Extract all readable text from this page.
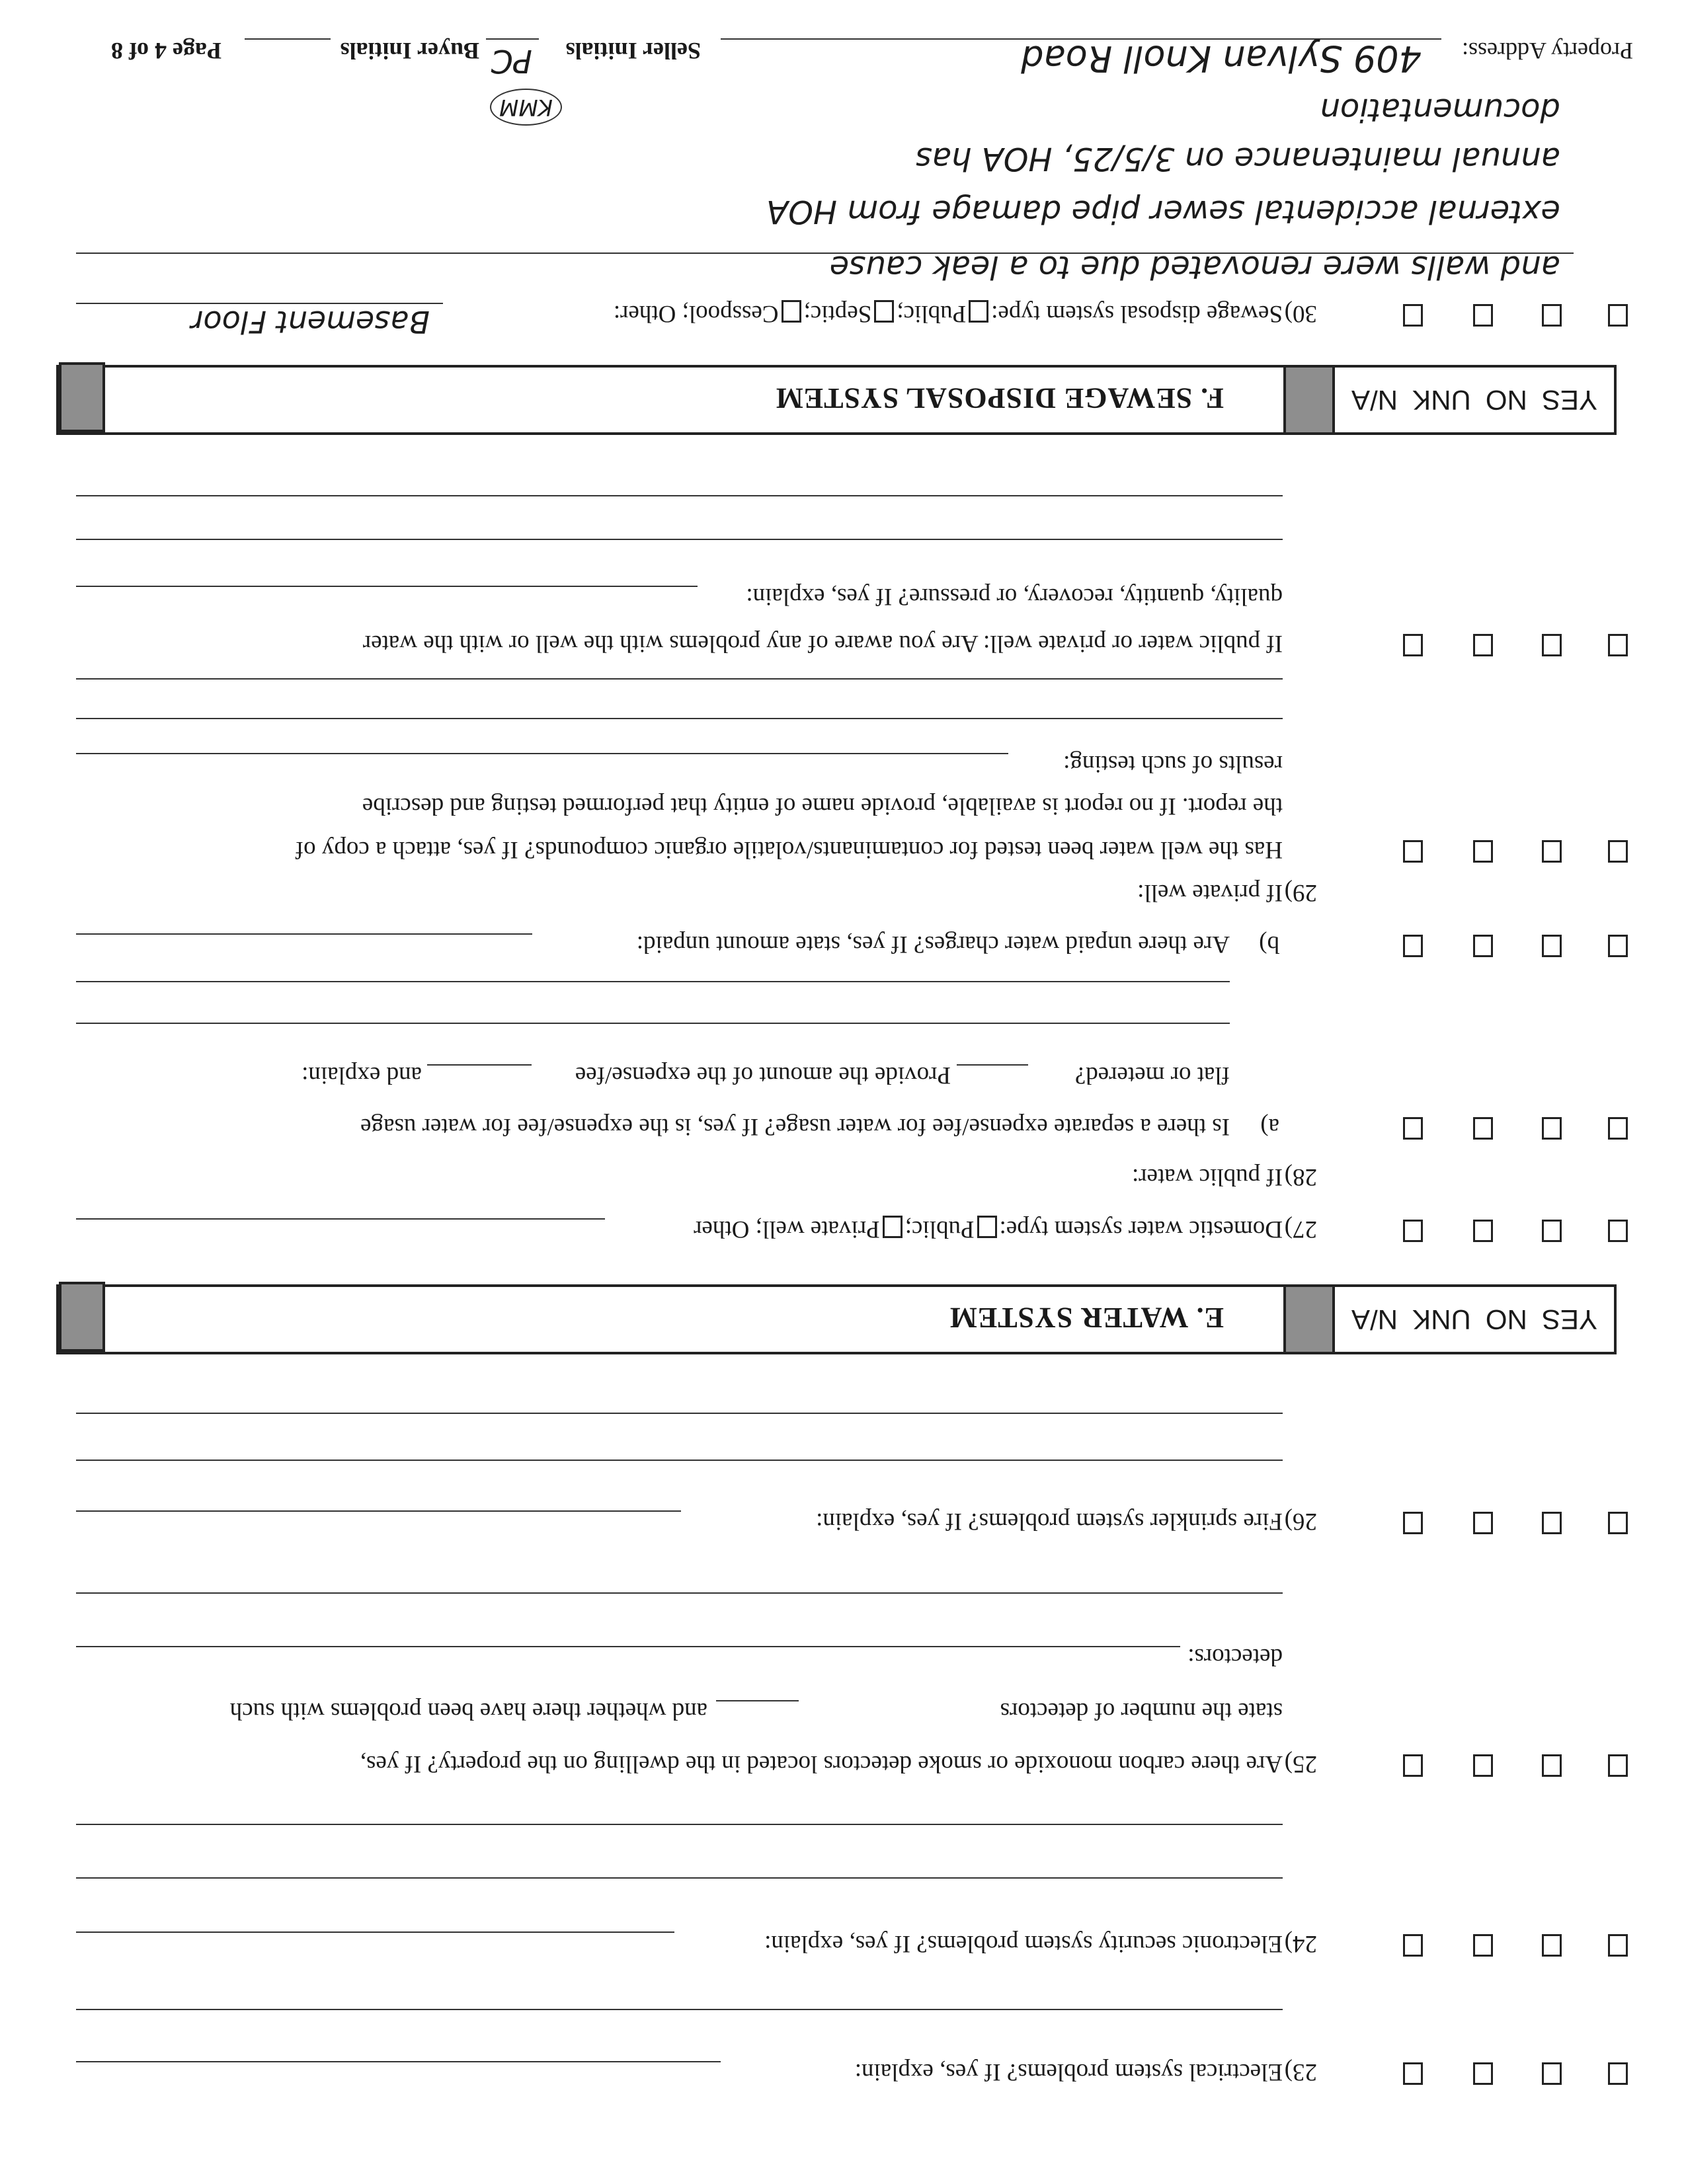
23)
Electrical system problems? If yes, explain:
24)
Electronic security system problems? If yes, explain:
25)
Are there carbon monoxide or smoke detectors located in the dwelling on the property? If yes,
state the number of detectors
and whether there have been problems with such
detectors:
26)
Fire sprinkler system problems? If yes, explain:
YES
NO
UNK
N/A
E. WATER SYSTEM
27)
Domestic water system type:Public;Private well; Other
28)
If public water:
a)
Is there a separate expense/fee for water usage? If yes, is the expense/fee for water usage
flat or metered?
Provide the amount of the expense/fee
and explain:
b)
Are there unpaid water charges? If yes, state amount unpaid:
29)
If private well:
Has the well water been tested for contaminants/volatile organic compounds? If yes, attach a copy of
the report. If no report is available, provide name of entity that performed testing and describe
results of such testing:
If public water or private well: Are you aware of any problems with the well or with the water
quality, quantity, recovery, or pressure? If yes, explain:
YES
NO
UNK
N/A
F. SEWAGE DISPOSAL SYSTEM
30)
Sewage disposal system type:Public;Septic;Cesspool; Other:
Basement Floor
and walls were renovated due to a leak cause
external accidental sewer pipe damage from HOA
annual maintenance on 3/5/25, HOA has
documentation
Property Address:
409 Sylvan Knoll Road
Seller Initials
PC
KMM
Buyer Initials
Page 4 of 8
